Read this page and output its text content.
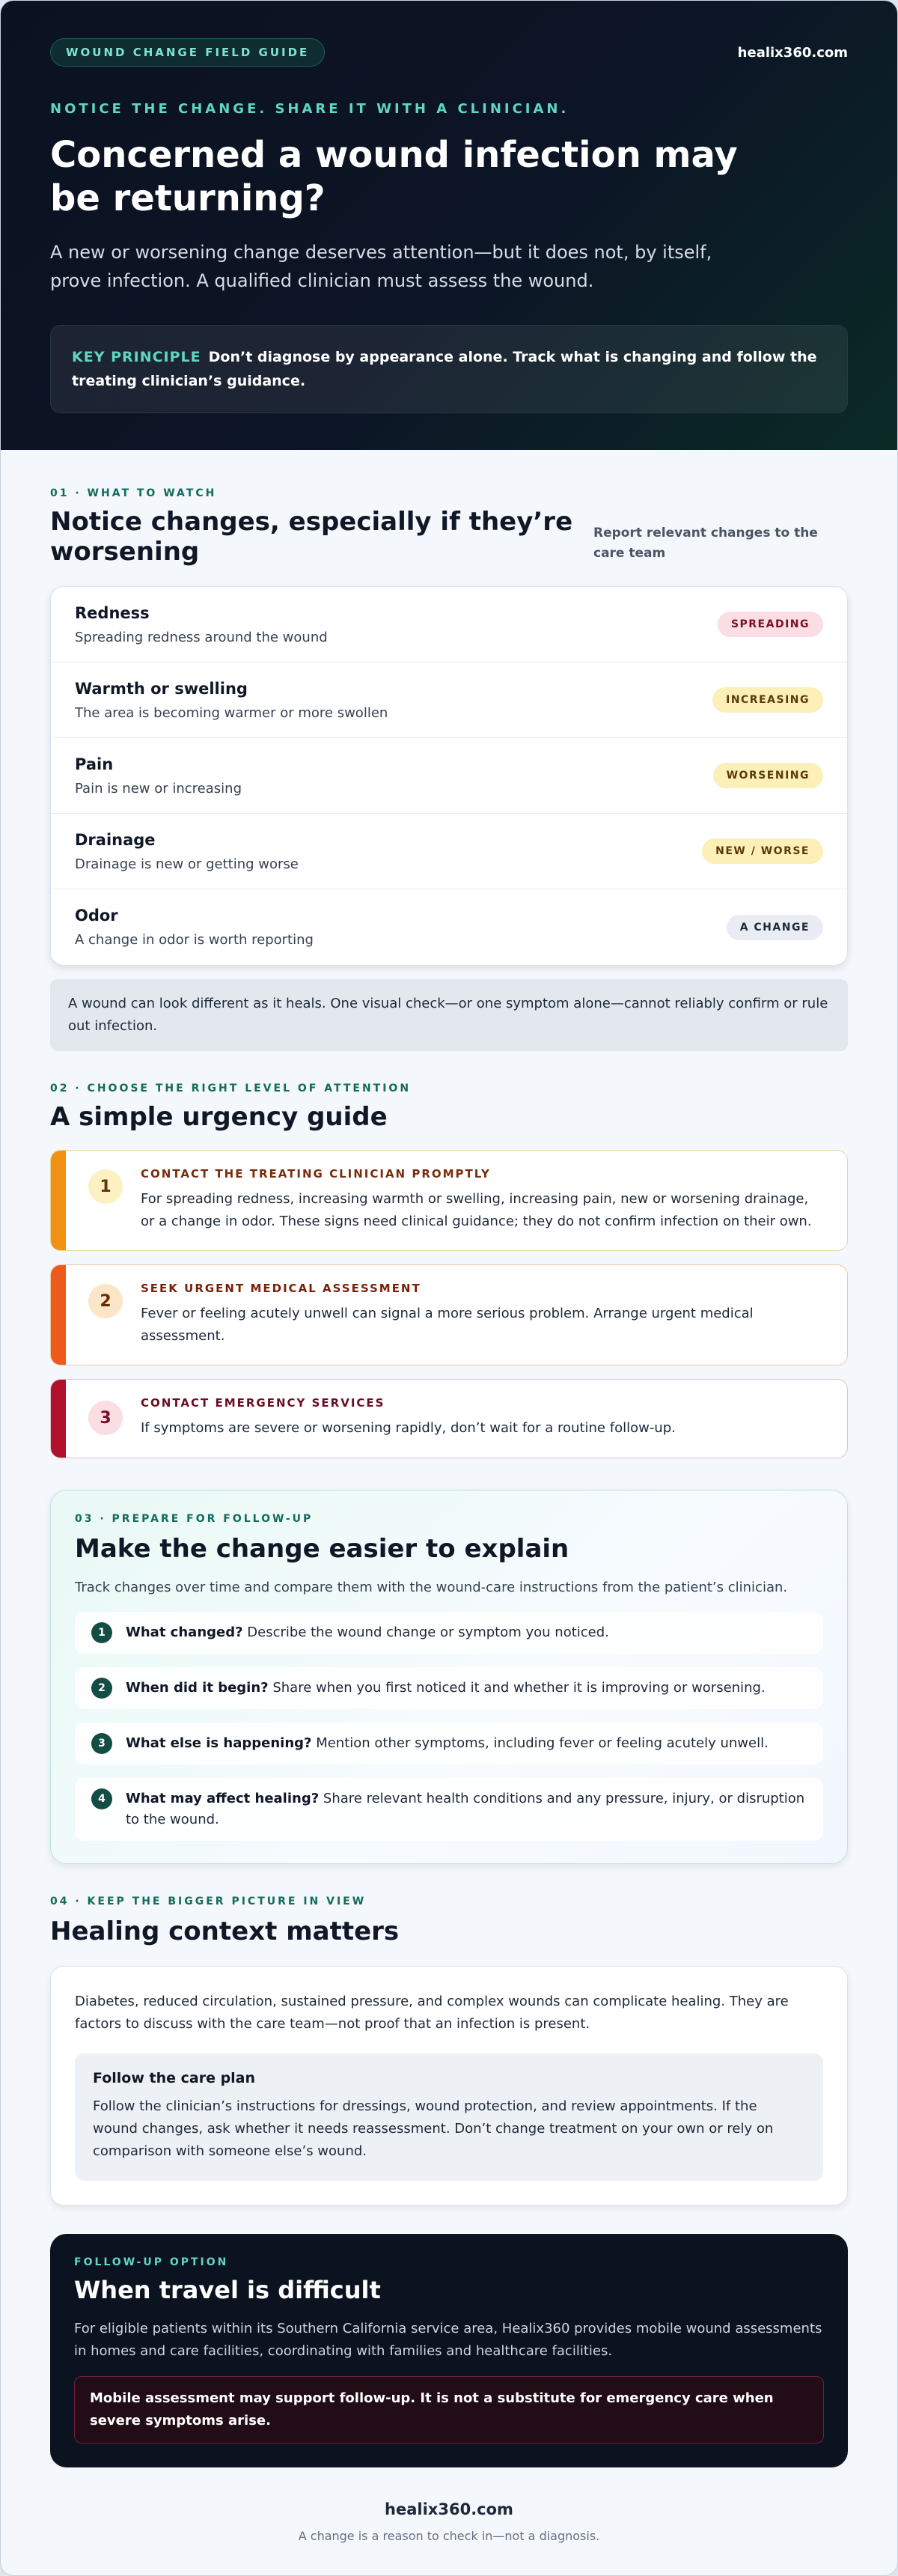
WOUND CHANGE FIELD GUIDE	healix360.com
NOTICE THE CHANGE. SHARE IT WITH A CLINICIAN.
Concerned a wound infection may be returning?

A new or worsening change deserves attention—but it does not, by itself, prove infection. A qualified clinician must assess the wound.

KEY PRINCIPLE Don’t diagnose by appearance alone. Track what is changing and follow the treating clinician’s guidance.
01 · WHAT TO WATCH
Notice changes, especially if they’re worsening
Report relevant changes to the care team
Redness
Spreading redness around the wound
SPREADING
Warmth or swelling
The area is becoming warmer or more swollen
INCREASING
Pain
Pain is new or increasing
WORSENING
Drainage
Drainage is new or getting worse
NEW / WORSE
Odor
A change in odor is worth reporting
A CHANGE
A wound can look different as it heals. One visual check—or one symptom alone—cannot reliably confirm or rule out infection.
02 · CHOOSE THE RIGHT LEVEL OF ATTENTION
A simple urgency guide
1
CONTACT THE TREATING CLINICIAN PROMPTLY
For spreading redness, increasing warmth or swelling, increasing pain, new or worsening drainage, or a change in odor. These signs need clinical guidance; they do not confirm infection on their own.
2
SEEK URGENT MEDICAL ASSESSMENT
Fever or feeling acutely unwell can signal a more serious problem. Arrange urgent medical assessment.
3
CONTACT EMERGENCY SERVICES
If symptoms are severe or worsening rapidly, don’t wait for a routine follow-up.
03 · PREPARE FOR FOLLOW-UP
Make the change easier to explain

Track changes over time and compare them with the wound-care instructions from the patient’s clinician.

1	What changed? Describe the wound change or symptom you noticed.
2	When did it begin? Share when you first noticed it and whether it is improving or worsening.
3	What else is happening? Mention other symptoms, including fever or feeling acutely unwell.
4	What may affect healing? Share relevant health conditions and any pressure, injury, or disruption to the wound.
04 · KEEP THE BIGGER PICTURE IN VIEW
Healing context matters

Diabetes, reduced circulation, sustained pressure, and complex wounds can complicate healing. They are factors to discuss with the care team—not proof that an infection is present.

Follow the care plan
Follow the clinician’s instructions for dressings, wound protection, and review appointments. If the wound changes, ask whether it needs reassessment. Don’t change treatment on your own or rely on comparison with someone else’s wound.
FOLLOW-UP OPTION
When travel is difficult

For eligible patients within its Southern California service area, Healix360 provides mobile wound assessments in homes and care facilities, coordinating with families and healthcare facilities.

Mobile assessment may support follow-up. It is not a substitute for emergency care when severe symptoms arise.
healix360.com
A change is a reason to check in—not a diagnosis.
